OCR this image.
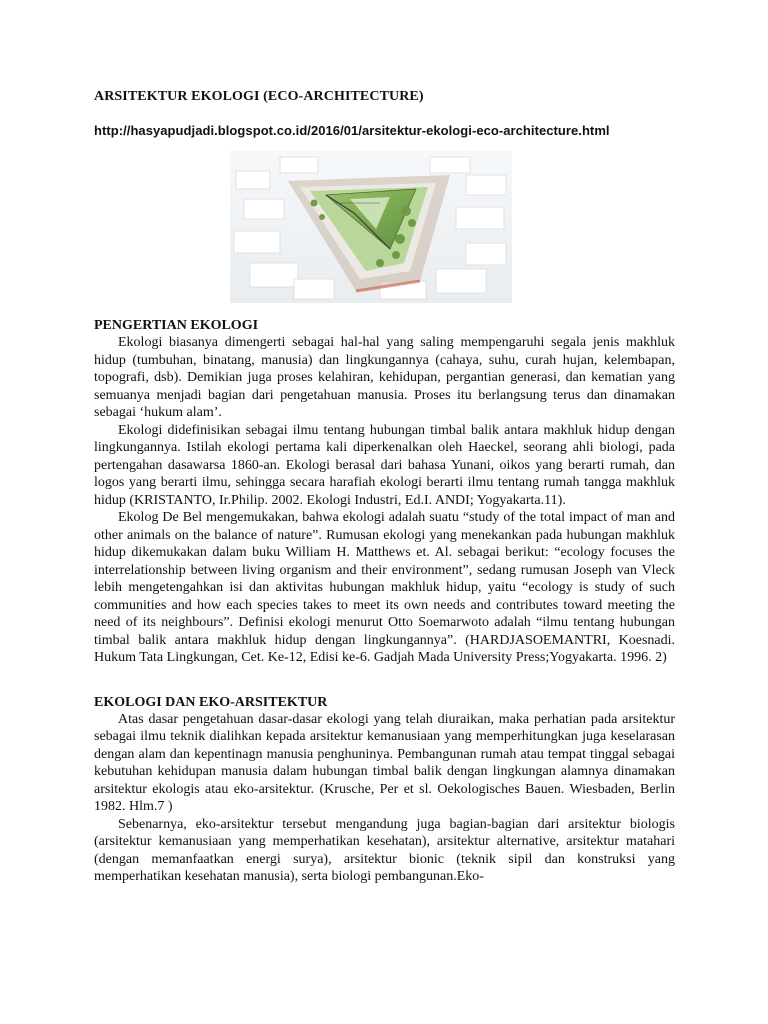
ARSITEKTUR EKOLOGI (ECO-ARCHITECTURE)

http://hasyapudjadi.blogspot.co.id/2016/01/arsitektur-ekologi-eco-architecture.html

PENGERTIAN EKOLOGI

Ekologi biasanya dimengerti sebagai hal-hal yang saling mempengaruhi segala jenis makhluk hidup (tumbuhan, binatang, manusia) dan lingkungannya (cahaya, suhu, curah hujan, kelembapan, topografi, dsb). Demikian juga proses kelahiran, kehidupan, pergantian generasi, dan kematian yang semuanya menjadi bagian dari pengetahuan manusia. Proses itu berlangsung terus dan dinamakan sebagai ‘hukum alam’.

Ekologi didefinisikan sebagai ilmu tentang hubungan timbal balik antara makhluk hidup dengan lingkungannya. Istilah ekologi pertama kali diperkenalkan oleh Haeckel, seorang ahli biologi, pada pertengahan dasawarsa 1860-an. Ekologi berasal dari bahasa Yunani, oikos yang berarti rumah, dan logos yang berarti ilmu, sehingga secara harafiah ekologi berarti ilmu tentang rumah tangga makhluk hidup (KRISTANTO, Ir.Philip. 2002. Ekologi Industri, Ed.I. ANDI; Yogyakarta.11).

Ekolog De Bel mengemukakan, bahwa ekologi adalah suatu “study of the total impact of man and other animals on the balance of nature”. Rumusan ekologi yang menekankan pada hubungan makhluk hidup dikemukakan dalam buku William H. Matthews et. Al. sebagai berikut: “ecology focuses the interrelationship between living organism and their environment”, sedang rumusan Joseph van Vleck lebih mengetengahkan isi dan aktivitas hubungan makhluk hidup, yaitu “ecology is study of such communities and how each species takes to meet its own needs and contributes toward meeting the need of its neighbours”. Definisi ekologi menurut Otto Soemarwoto adalah “ilmu tentang hubungan timbal balik antara makhluk hidup dengan lingkungannya”. (HARDJASOEMANTRI, Koesnadi. Hukum Tata Lingkungan, Cet. Ke-12, Edisi ke-6. Gadjah Mada University Press;Yogyakarta. 1996. 2)

EKOLOGI DAN EKO-ARSITEKTUR

Atas dasar pengetahuan dasar-dasar ekologi yang telah diuraikan, maka perhatian pada arsitektur sebagai ilmu teknik dialihkan kepada arsitektur kemanusiaan yang memperhitungkan juga keselarasan dengan alam dan kepentinagn manusia penghuninya. Pembangunan rumah atau tempat tinggal sebagai kebutuhan kehidupan manusia dalam hubungan timbal balik dengan lingkungan alamnya dinamakan arsitektur ekologis atau eko-arsitektur. (Krusche, Per et sl. Oekologisches Bauen. Wiesbaden, Berlin 1982. Hlm.7 )

Sebenarnya, eko-arsitektur tersebut mengandung juga bagian-bagian dari arsitektur biologis (arsitektur kemanusiaan yang memperhatikan kesehatan), arsitektur alternative, arsitektur matahari (dengan memanfaatkan energi surya), arsitektur bionic (teknik sipil dan konstruksi yang memperhatikan kesehatan manusia), serta biologi pembangunan.Eko-
